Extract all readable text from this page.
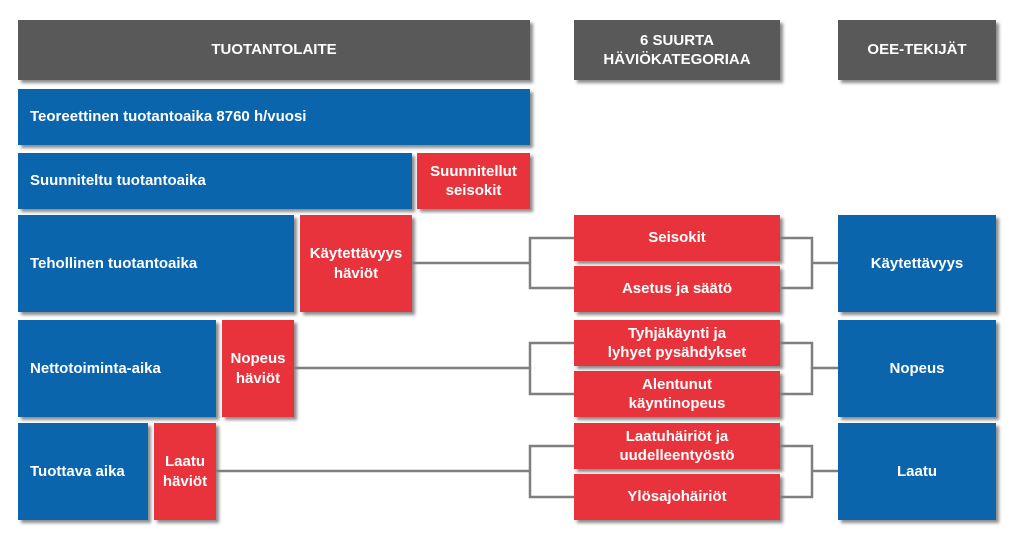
TUOTANTOLAITE
6 SUURTA
HÄVIÖKATEGORIAA
OEE-TEKIJÄT
Teoreettinen tuotantoaika 8760 h/vuosi
Suunniteltu tuotantoaika
Tehollinen tuotantoaika
Nettotoiminta-aika
Tuottava aika
Suunnitellut
seisokit
Käytettävyys
häviöt
Nopeus
häviöt
Laatu
häviöt
Seisokit
Asetus ja säätö
Tyhjäkäynti ja
lyhyet pysähdykset
Alentunut
käyntinopeus
Laatuhäiriöt ja
uudelleentyöstö
Ylösajohäiriöt
Käytettävyys
Nopeus
Laatu
